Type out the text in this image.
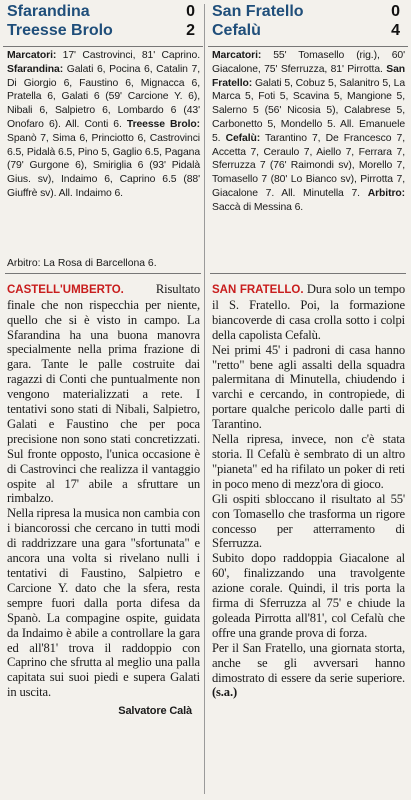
Sfarandina	0
Treesse Brolo	2
Marcatori: 17' Castrovinci, 81' Caprino. Sfarandina: Galati 6, Pocina 6, Catalin 7, Di Giorgio 6, Faustino 6, Mignacca 6, Pratella 6, Galati 6 (59' Carcione Y. 6), Nibali 6, Salpietro 6, Lombardo 6 (43' Onofaro 6). All. Conti 6. Treesse Brolo: Spanò 7, Sima 6, Princiotto 6, Castrovinci 6.5, Pidalà 6.5, Pino 5, Gaglio 6.5, Pagana (79' Gurgone 6), Smiriglia 6 (93' Pidalà Gius. sv), Indaimo 6, Caprino 6.5 (88' Giuffrè sv). All. Indaimo 6.
Arbitro: La Rosa di Barcellona 6.

CASTELL'UMBERTO. Risultato finale che non rispecchia per niente, quello che si è visto in campo. La Sfarandina ha una buona manovra specialmente nella prima frazione di gara. Tante le palle costruite dai ragazzi di Conti che puntualmente non vengono materializzati a rete. I tentativi sono stati di Nibali, Salpietro, Galati e Faustino che per poca precisione non sono stati concretizzati. Sul fronte opposto, l'unica occasione è di Castrovinci che realizza il vantaggio ospite al 17' abile a sfruttare un rimbalzo.

Nella ripresa la musica non cambia con i biancorossi che cercano in tutti modi di raddrizzare una gara "sfortunata" e ancora una volta si rivelano nulli i tentativi di Faustino, Salpietro e Carcione Y. dato che la sfera, resta sempre fuori dalla porta difesa da Spanò. La compagine ospite, guidata da Indaimo è abile a controllare la gara ed all'81' trova il raddoppio con Caprino che sfrutta al meglio una palla capitata sui suoi piedi e supera Galati in uscita.

Salvatore Calà
San Fratello	0
Cefalù	4
Marcatori: 55' Tomasello (rig.), 60' Giacalone, 75' Sferruzza, 81' Pirrotta. San Fratello: Galati 5, Cobuz 5, Salanitro 5, La Marca 5, Foti 5, Scavina 5, Mangione 5, Salerno 5 (56' Nicosia 5), Calabrese 5, Carbonetto 5, Mondello 5. All. Emanuele 5. Cefalù: Tarantino 7, De Francesco 7, Accetta 7, Ceraulo 7, Aiello 7, Ferrara 7, Sferruzza 7 (76' Raimondi sv), Morello 7, Tomasello 7 (80' Lo Bianco sv), Pirrotta 7, Giacalone 7. All. Minutella 7. Arbitro: Saccà di Messina 6.

SAN FRATELLO. Dura solo un tempo il S. Fratello. Poi, la formazione biancoverde di casa crolla sotto i colpi della capolista Cefalù.

Nei primi 45' i padroni di casa hanno "retto" bene agli assalti della squadra palermitana di Minutella, chiudendo i varchi e cercando, in contropiede, di portare qualche pericolo dalle parti di Tarantino.

Nella ripresa, invece, non c'è stata storia. Il Cefalù è sembrato di un altro "pianeta" ed ha rifilato un poker di reti in poco meno di mezz'ora di gioco.

Gli ospiti sbloccano il risultato al 55' con Tomasello che trasforma un rigore concesso per atterramento di Sferruzza.

Subito dopo raddoppia Giacalone al 60', finalizzando una travolgente azione corale. Quindi, il tris porta la firma di Sferruzza al 75' e chiude la goleada Pirrotta all'81', col Cefalù che offre una grande prova di forza.

Per il San Fratello, una giornata storta, anche se gli avversari hanno dimostrato di essere da serie superiore. (s.a.)
